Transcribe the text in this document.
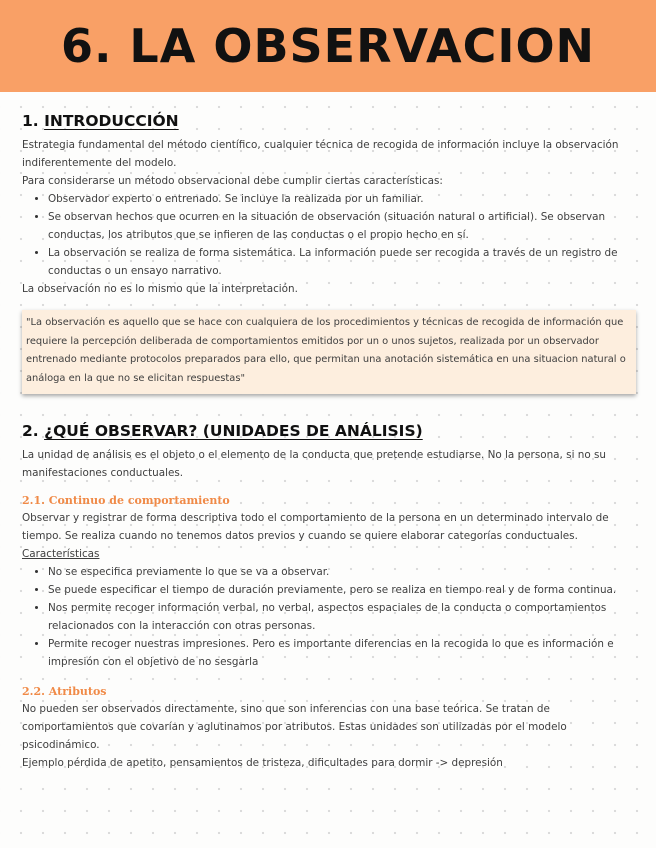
6. LA OBSERVACION
1. INTRODUCCIÓN

Estrategia fundamental del método científico, cualquier técnica de recogida de información incluye la observación indiferentemente del modelo.

Para considerarse un método observacional debe cumplir ciertas características:

• Observador experto o entrenado. Se incluye la realizada por un familiar.
• Se observan hechos que ocurren en la situación de observación (situación natural o artificial). Se observan conductas, los atributos que se infieren de las conductas o el propio hecho en sí.
• La observación se realiza de forma sistemática. La información puede ser recogida a través de un registro de conductas o un ensayo narrativo.

La observación no es lo mismo que la interpretación.

"La observación es aquello que se hace con cualquiera de los procedimientos y técnicas de recogida de información que requiere la percepción deliberada de comportamientos emitidos por un o unos sujetos, realizada por un observador entrenado mediante protocolos preparados para ello, que permitan una anotación sistemática en una situacion natural o análoga en la que no se elicitan respuestas"
2. ¿QUÉ OBSERVAR? (UNIDADES DE ANÁLISIS)

La unidad de análisis es el objeto o el elemento de la conducta que pretende estudiarse. No la persona, si no su manifestaciones conductuales.

2.1. Continuo de comportamiento

Observar y registrar de forma descriptiva todo el comportamiento de la persona en un determinado intervalo de tiempo. Se realiza cuando no tenemos datos previos y cuando se quiere elaborar categorías conductuales.

Características

• No se especifica previamente lo que se va a observar.
• Se puede especificar el tiempo de duración previamente, pero se realiza en tiempo real y de forma continua.
• Nos permite recoger información verbal, no verbal, aspectos espaciales de la conducta o comportamientos relacionados con la interacción con otras personas.
• Permite recoger nuestras impresiones. Pero es importante diferencias en la recogida lo que es información e impresión con el objetivo de no sesgarla
2.2. Atributos

No pueden ser observados directamente, sino que son inferencias con una base teórica. Se tratan de comportamientos que covarían y aglutinamos por atributos. Estas unidades son utilizadas por el modelo psicodinámico.

Ejemplo pérdida de apetito, pensamientos de tristeza, dificultades para dormir -> depresión
